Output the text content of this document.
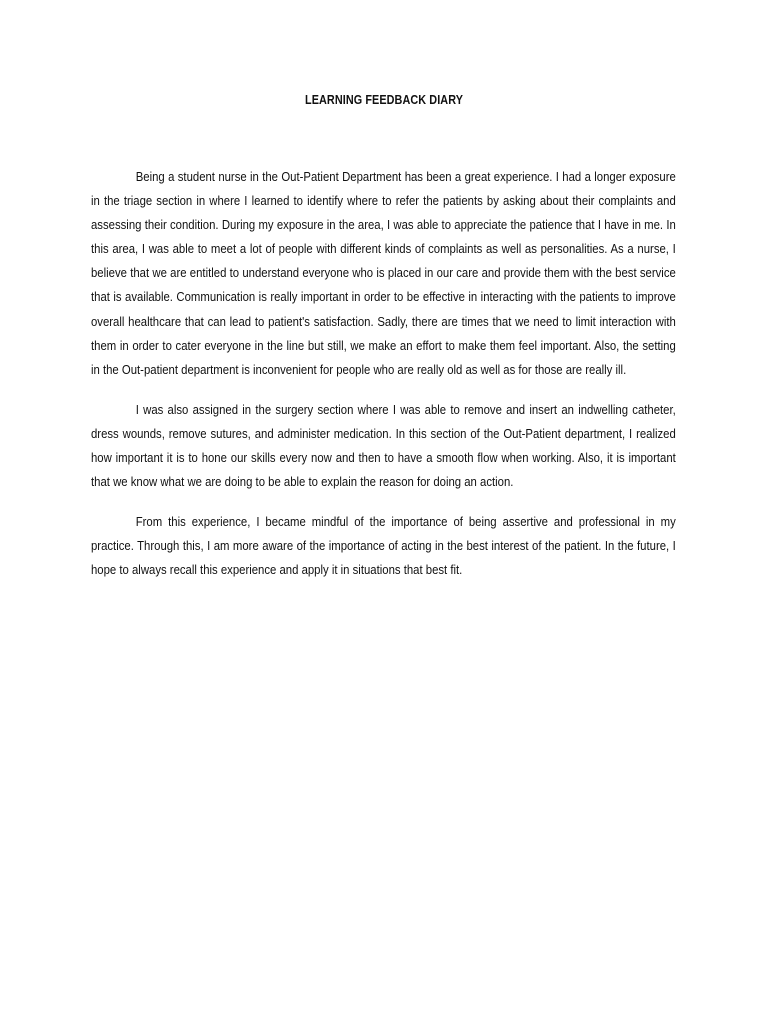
LEARNING FEEDBACK DIARY

Being a student nurse in the Out-Patient Department has been a great experience. I had a longer exposure in the triage section in where I learned to identify where to refer the patients by asking about their complaints and assessing their condition. During my exposure in the area, I was able to appreciate the patience that I have in me. In this area, I was able to meet a lot of people with different kinds of complaints as well as personalities. As a nurse, I believe that we are entitled to understand everyone who is placed in our care and provide them with the best service that is available. Communication is really important in order to be effective in interacting with the patients to improve overall healthcare that can lead to patient's satisfaction. Sadly, there are times that we need to limit interaction with them in order to cater everyone in the line but still, we make an effort to make them feel important. Also, the setting in the Out-patient department is inconvenient for people who are really old as well as for those are really ill.

I was also assigned in the surgery section where I was able to remove and insert an indwelling catheter, dress wounds, remove sutures, and administer medication. In this section of the Out-Patient department, I realized how important it is to hone our skills every now and then to have a smooth flow when working. Also, it is important that we know what we are doing to be able to explain the reason for doing an action.

From this experience, I became mindful of the importance of being assertive and professional in my practice. Through this, I am more aware of the importance of acting in the best interest of the patient. In the future, I hope to always recall this experience and apply it in situations that best fit.
